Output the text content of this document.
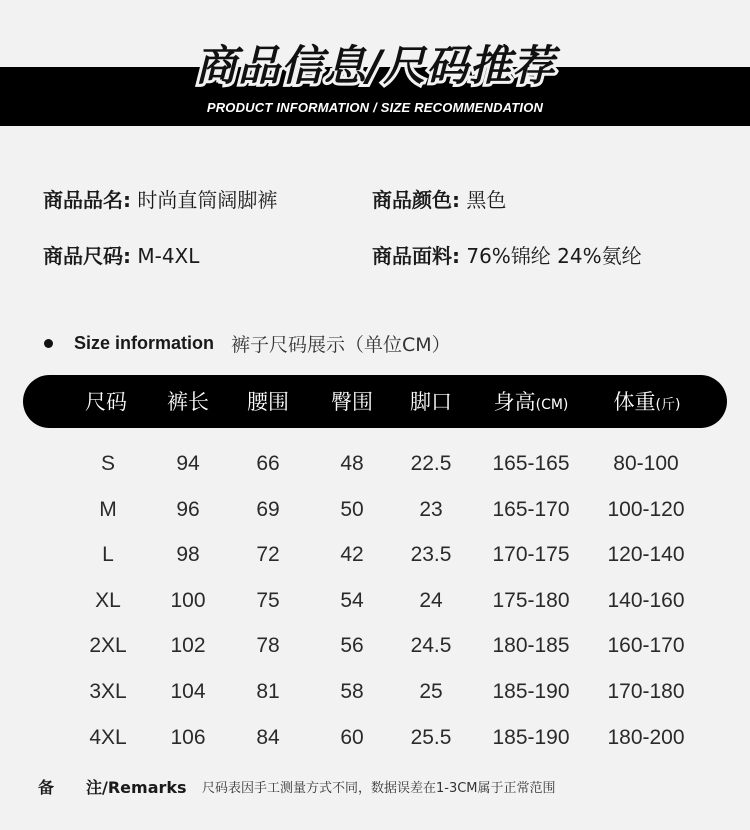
商品信息/尺码推荐
PRODUCT INFORMATION / SIZE RECOMMENDATION
商品品名: 时尚直筒阔脚裤	商品颜色: 黑色
商品尺码: M-4XL	商品面料: 76%锦纶 24%氨纶
Size information 裤子尺码展示（单位CM）
尺码 裤长 腰围 臀围 脚口 身高(CM) 体重(斤)
S	94	66	48 22.5 165-165 80-100
M	96	69	50	23 165-170 100-120
L	98	72	42 23.5 170-175 120-140
XL 100 75	54	24 175-180 140-160
2XL 102 78	56 24.5 180-185 160-170
3XL 104 81	58	25 185-190 170-180
4XL 106 84	60 25.5 185-190 180-200
备 注/Remarks 尺码表因手工测量方式不同，数据误差在1-3CM属于正常范围
